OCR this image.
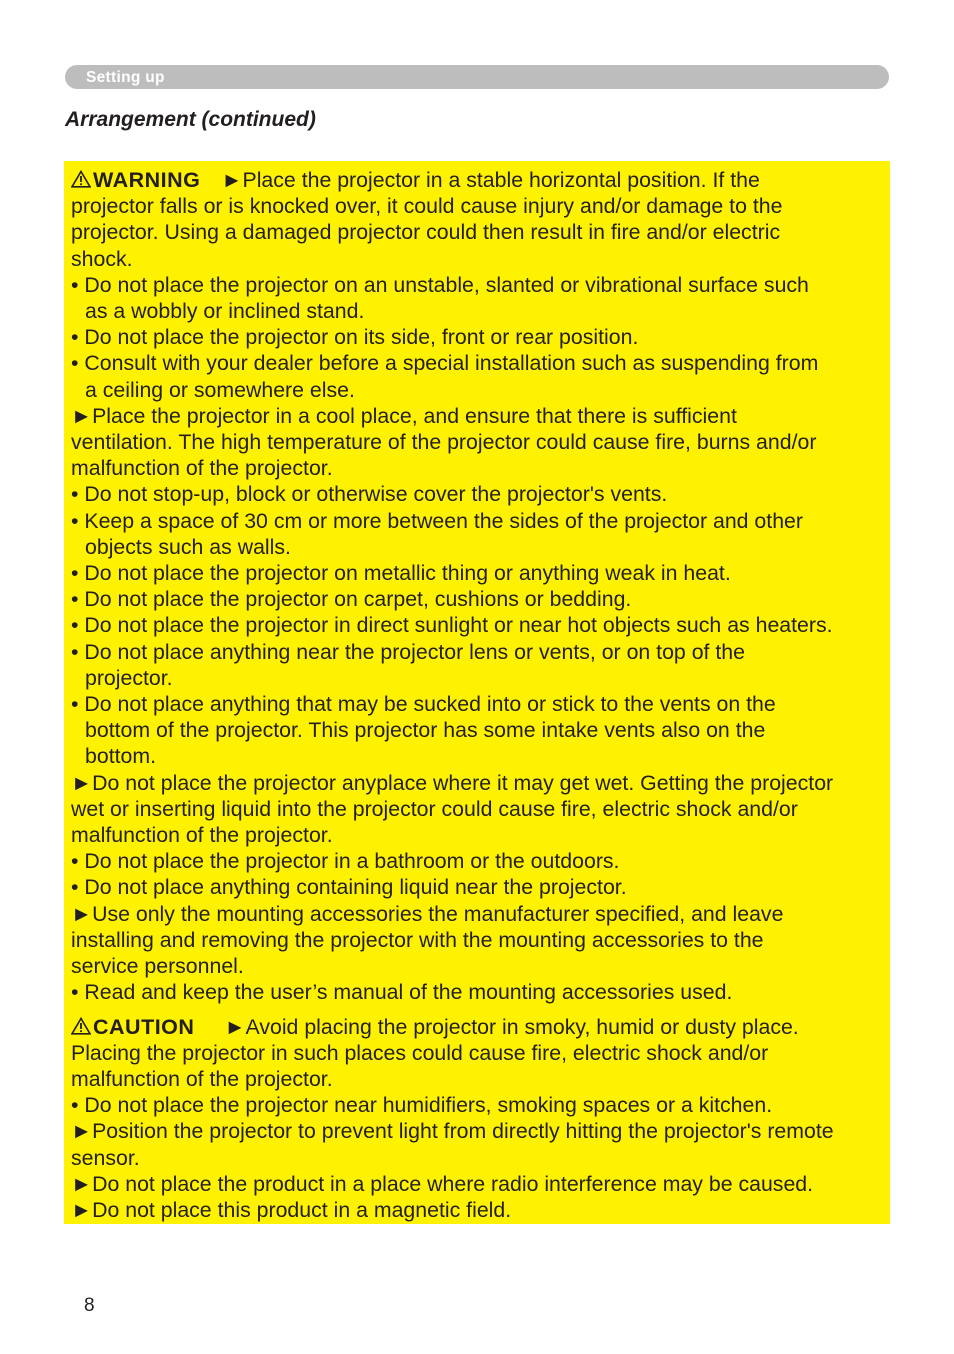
Setting up
Arrangement (continued)
WARNING ►Place the projector in a stable horizontal position. If the
projector falls or is knocked over, it could cause injury and/or damage to the
projector. Using a damaged projector could then result in fire and/or electric
shock.
• Do not place the projector on an unstable, slanted or vibrational surface such
as a wobbly or inclined stand.
• Do not place the projector on its side, front or rear position.
• Consult with your dealer before a special installation such as suspending from
a ceiling or somewhere else.
►Place the projector in a cool place, and ensure that there is sufficient
ventilation. The high temperature of the projector could cause fire, burns and/or
malfunction of the projector.
• Do not stop-up, block or otherwise cover the projector's vents.
• Keep a space of 30 cm or more between the sides of the projector and other
objects such as walls.
• Do not place the projector on metallic thing or anything weak in heat.
• Do not place the projector on carpet, cushions or bedding.
• Do not place the projector in direct sunlight or near hot objects such as heaters.
• Do not place anything near the projector lens or vents, or on top of the
projector.
• Do not place anything that may be sucked into or stick to the vents on the
bottom of the projector. This projector has some intake vents also on the
bottom.
►Do not place the projector anyplace where it may get wet. Getting the projector
wet or inserting liquid into the projector could cause fire, electric shock and/or
malfunction of the projector.
• Do not place the projector in a bathroom or the outdoors.
• Do not place anything containing liquid near the projector.
►Use only the mounting accessories the manufacturer specified, and leave
installing and removing the projector with the mounting accessories to the
service personnel.
• Read and keep the user’s manual of the mounting accessories used.
CAUTION ►Avoid placing the projector in smoky, humid or dusty place.
Placing the projector in such places could cause fire, electric shock and/or
malfunction of the projector.
• Do not place the projector near humidifiers, smoking spaces or a kitchen.
►Position the projector to prevent light from directly hitting the projector's remote
sensor.
►Do not place the product in a place where radio interference may be caused.
►Do not place this product in a magnetic field.
8
